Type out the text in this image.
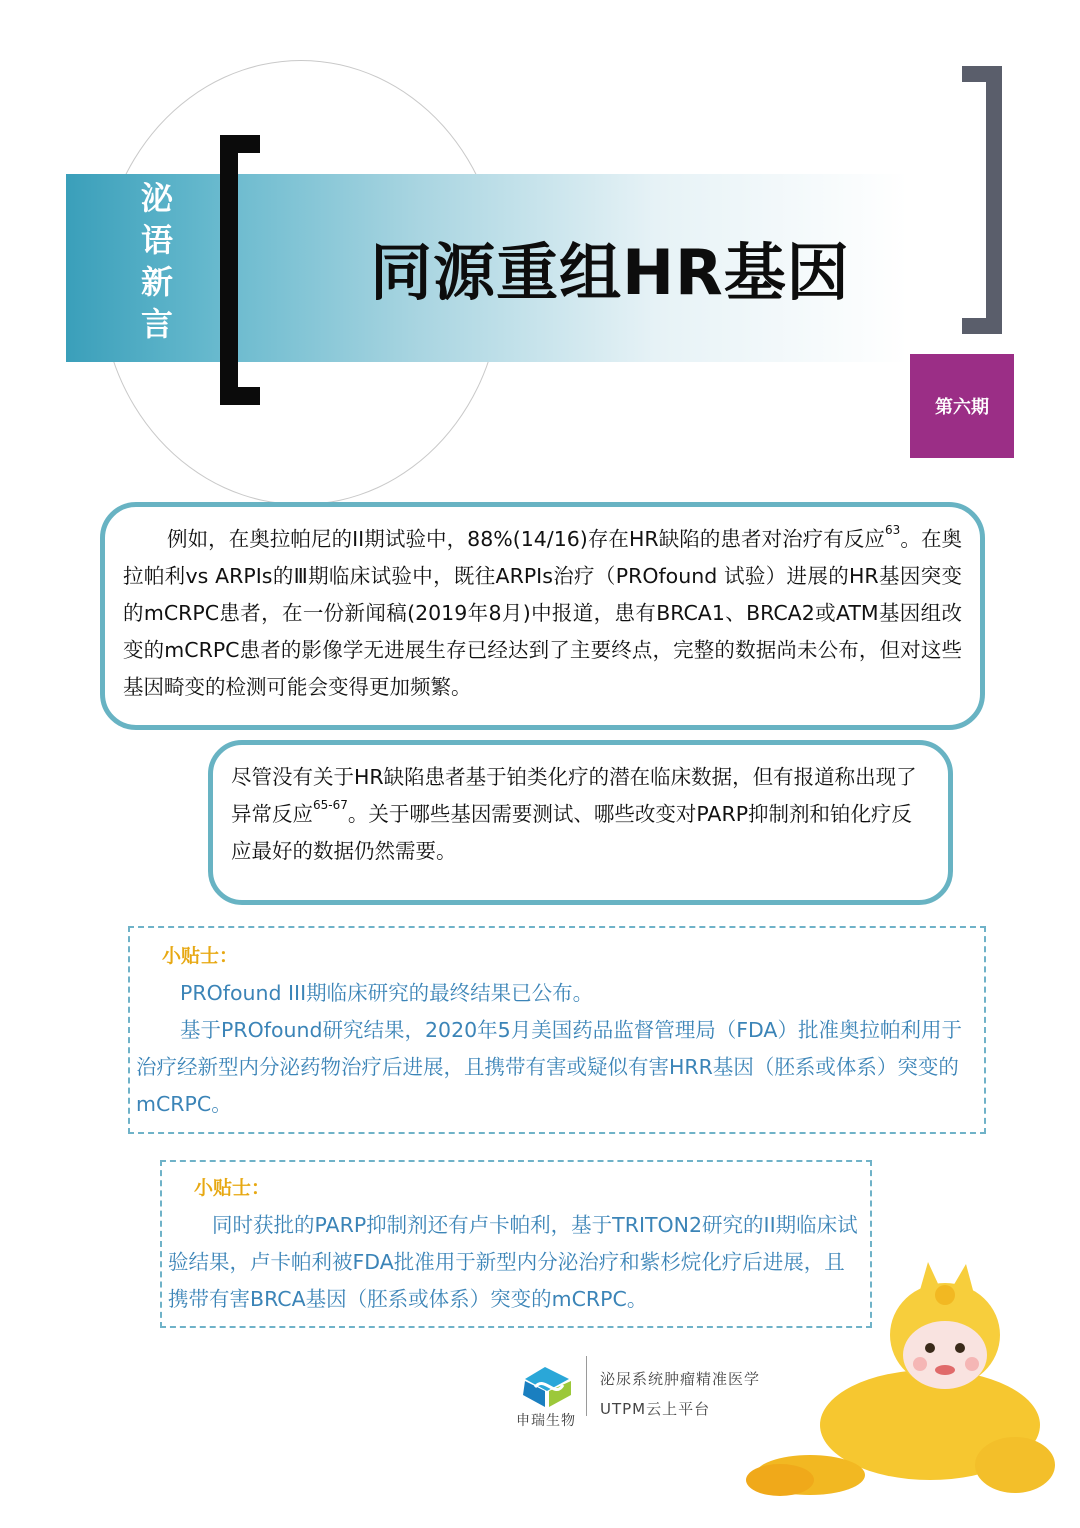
泌语新言	同源重组HR基因
第六期

例如，在奥拉帕尼的II期试验中，88%(14/16)存在HR缺陷的患者对治疗有反应$^{63}$。在奥拉帕利vs ARPIs的Ⅲ期临床试验中，既往ARPIs治疗（PROfound 试验）进展的HR基因突变的mCRPC患者，在一份新闻稿(2019年8月)中报道，患有BRCA1、BRCA2或ATM基因组改变的mCRPC患者的影像学无进展生存已经达到了主要终点，完整的数据尚未公布，但对这些基因畸变的检测可能会变得更加频繁。

尽管没有关于HR缺陷患者基于铂类化疗的潜在临床数据，但有报道称出现了异常反应$^{65-67}$。关于哪些基因需要测试、哪些改变对PARP抑制剂和铂化疗反应最好的数据仍然需要。

小贴士：

PROfound III期临床研究的最终结果已公布。

基于PROfound研究结果，2020年5月美国药品监督管理局（FDA）批准奥拉帕利用于治疗经新型内分泌药物治疗后进展，且携带有害或疑似有害HRR基因（胚系或体系）突变的mCRPC。

小贴士：

同时获批的PARP抑制剂还有卢卡帕利，基于TRITON2研究的II期临床试验结果，卢卡帕利被FDA批准用于新型内分泌治疗和紫杉烷化疗后进展，且携带有害BRCA基因（胚系或体系）突变的mCRPC。

申瑞生物
泌尿系统肿瘤精准医学
UTPM云上平台
